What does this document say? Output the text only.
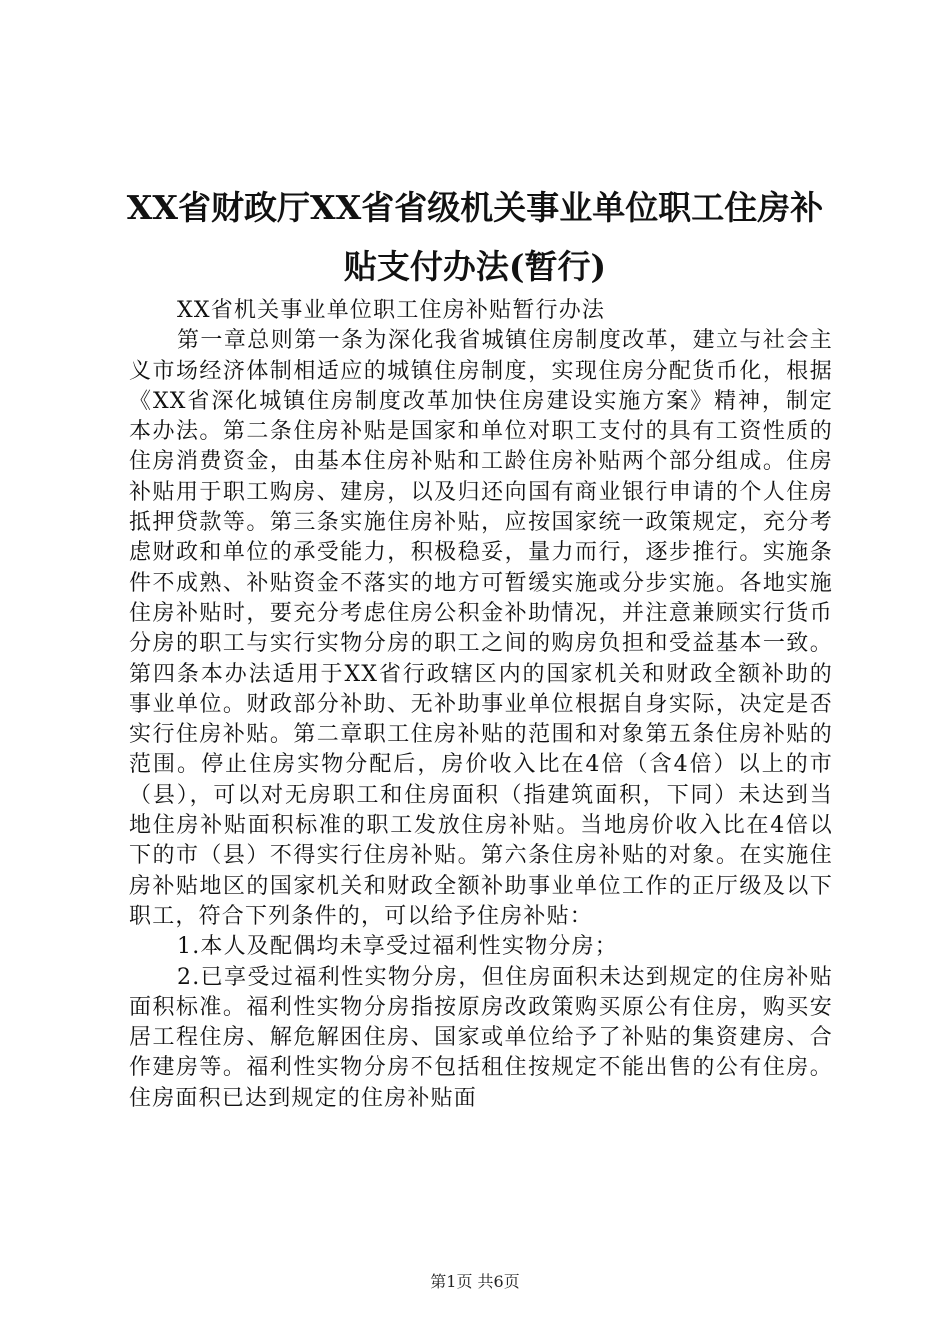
XX省财政厅XX省省级机关事业单位职工住房补贴支付办法(暂行)

XX省机关事业单位职工住房补贴暂行办法

第一章总则第一条为深化我省城镇住房制度改革，建立与社会主义市场经济体制相适应的城镇住房制度，实现住房分配货币化，根据《XX省深化城镇住房制度改革加快住房建设实施方案》精神，制定本办法。第二条住房补贴是国家和单位对职工支付的具有工资性质的住房消费资金，由基本住房补贴和工龄住房补贴两个部分组成。住房补贴用于职工购房、建房，以及归还向国有商业银行申请的个人住房抵押贷款等。第三条实施住房补贴，应按国家统一政策规定，充分考虑财政和单位的承受能力，积极稳妥，量力而行，逐步推行。实施条件不成熟、补贴资金不落实的地方可暂缓实施或分步实施。各地实施住房补贴时，要充分考虑住房公积金补助情况，并注意兼顾实行货币分房的职工与实行实物分房的职工之间的购房负担和受益基本一致。第四条本办法适用于XX省行政辖区内的国家机关和财政全额补助的事业单位。财政部分补助、无补助事业单位根据自身实际，决定是否实行住房补贴。第二章职工住房补贴的范围和对象第五条住房补贴的范围。停止住房实物分配后，房价收入比在4倍（含4倍）以上的市（县），可以对无房职工和住房面积（指建筑面积，下同）未达到当地住房补贴面积标准的职工发放住房补贴。当地房价收入比在4倍以下的市（县）不得实行住房补贴。第六条住房补贴的对象。在实施住房补贴地区的国家机关和财政全额补助事业单位工作的正厅级及以下职工，符合下列条件的，可以给予住房补贴：

1.本人及配偶均未享受过福利性实物分房；

2.已享受过福利性实物分房，但住房面积未达到规定的住房补贴面积标准。福利性实物分房指按原房改政策购买原公有住房，购买安居工程住房、解危解困住房、国家或单位给予了补贴的集资建房、合作建房等。福利性实物分房不包括租住按规定不能出售的公有住房。住房面积已达到规定的住房补贴面

第1页 共6页
